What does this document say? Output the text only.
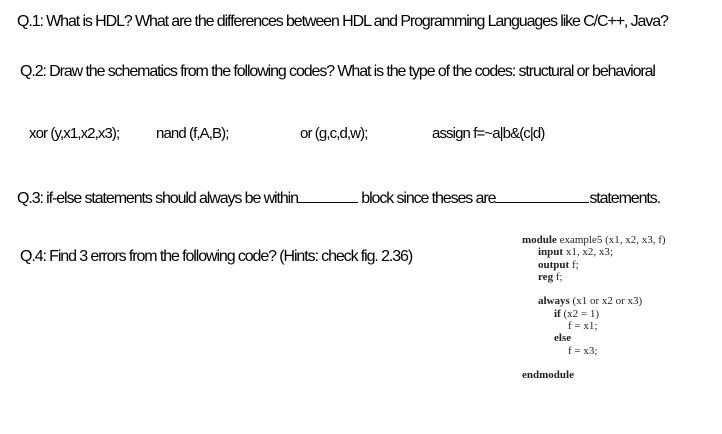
Q.1: What is HDL? What are the differences between HDL and Programming Languages like C/C++, Java?
Q.2: Draw the schematics from the following codes? What is the type of the codes: structural or behavioral
xor (y,x1,x2,x3); nand (f,A,B);	or (g,c,d,w);	assign f=~a|b&(c|d)
Q.3: if-else statements should always be within	block since theses are	statements.
Q.4: Find 3 errors from the following code? (Hints: check fig. 2.36)
module example5 (x1, x2, x3, f)
input x1, x2, x3;
output f;
reg f;

always (x1 or x2 or x3)
if (x2 = 1)
f = x1;
else
f = x3;

endmodule
